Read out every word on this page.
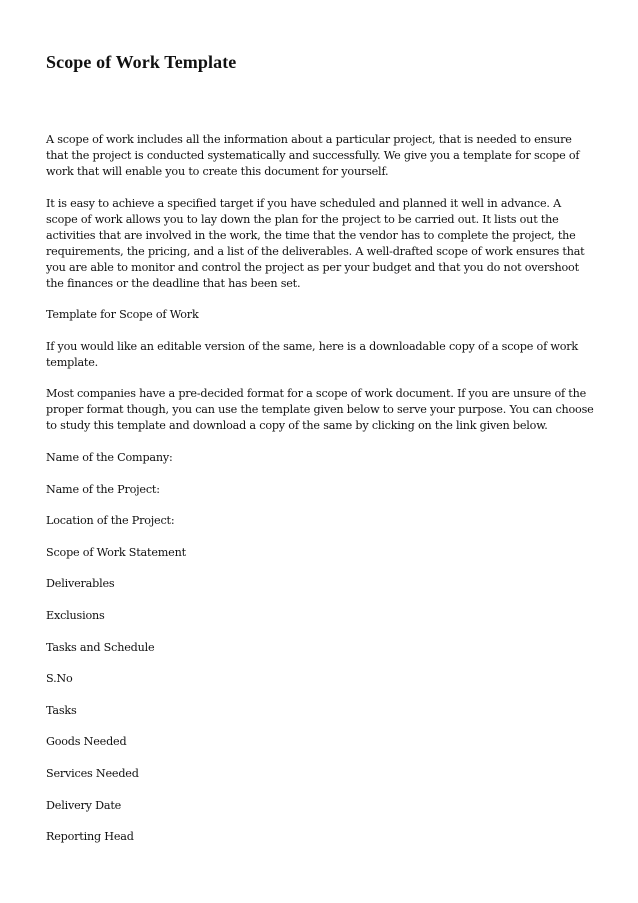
Scope of Work Template

A scope of work includes all the information about a particular project, that is needed to ensure that the project is conducted systematically and successfully. We give you a template for scope of work that will enable you to create this document for yourself.

It is easy to achieve a specified target if you have scheduled and planned it well in advance. A scope of work allows you to lay down the plan for the project to be carried out. It lists out the activities that are involved in the work, the time that the vendor has to complete the project, the requirements, the pricing, and a list of the deliverables. A well-drafted scope of work ensures that you are able to monitor and control the project as per your budget and that you do not overshoot the finances or the deadline that has been set.

Template for Scope of Work

If you would like an editable version of the same, here is a downloadable copy of a scope of work template.

Most companies have a pre-decided format for a scope of work document. If you are unsure of the proper format though, you can use the template given below to serve your purpose. You can choose to study this template and download a copy of the same by clicking on the link given below.

Name of the Company:

Name of the Project:

Location of the Project:

Scope of Work Statement

Deliverables

Exclusions

Tasks and Schedule

S.No

Tasks

Goods Needed

Services Needed

Delivery Date

Reporting Head
